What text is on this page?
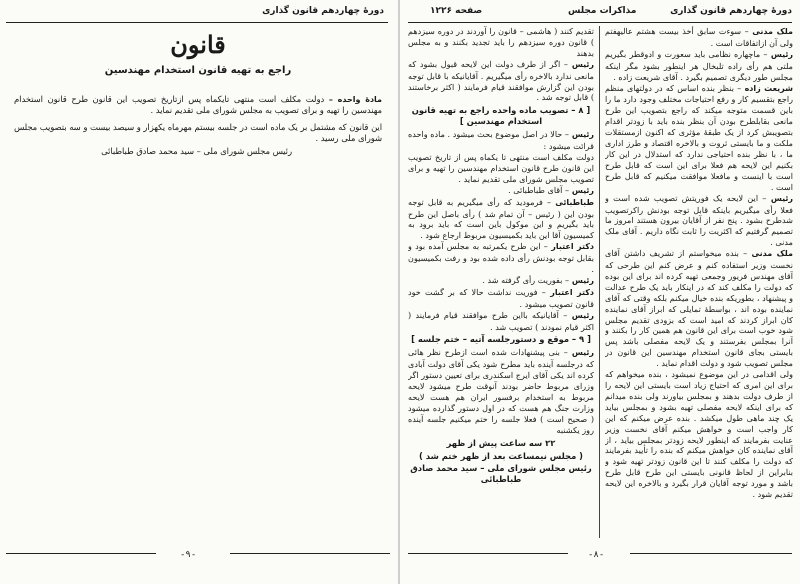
دورهٔ چهاردهم قانون گذاری
قانون
راجع به تهیه قانون استخدام مهندسین

مادهٔ واحده – دولت مکلف است منتهی تایکماه پس ازتاریخ تصویب این قانون طرح قانون استخدام مهندسین را تهیه و برای تصویب به مجلس شورای ملی تقدیم نماید .

این قانون که مشتمل بر یک ماده است در جلسه بیستم مهرماه یکهزار و سیصد بیست و سه بتصویب مجلس شورای ملی رسید .

رئیس مجلس شورای ملی – سید محمد صادق طباطبائی

-۹-
دورهٔ چهاردهم قانون گذاری
مذاکرات مجلس
صفحه ۱۲۲۶

ملک مدنی – سوءت سابق أخذ بیست هشتم عالیهفتم ولی آن ازاتفاقات است .

رئیس – ماچهاره نظامی باید سعورت و ادوقطر بگیریم ملتی هم رأی راده تلبخال هر اینطور بشود مگر اینکه مجلس طور دیگری تصمیم بگیرد . آقای شریعت زاده .

شریعت زاده – بنظر بنده اساس که در دولتهای منظم راجع بتقسیم کار و رفع احتیاجات مختلف وجود دارد ما را باین قسمت متوجه میکند که راجع بتصویب این طرح مانعی بقابلطرح بودن آن بنظر بنده باید با زودتر اقدام بتصویبش کرد از یک طبقهٔ مؤثری که اکنون ازمستقلات ملکت و ما بایستی ثروت و بالاخره اقتصاد و طرز اداری ما ، با نظر بنده احتیاجی ندارد که استدلال در این کار بکنیم این لایحه هم فعلا برای این است که قابل طرح است با اینست و مافعلا موافقت میکنیم که قابل طرح است .

رئیس – این لایحه یک فوریتش تصویب شده است و فعلا رأی میگیریم باینکه قابل توجه بودنش راکرتصویب شدطرح بشود . پنج نفر از آقایان بیرون هستند امروز ما تصمیم گرفتیم که اکثریت را ثابت نگاه داریم . آقای ملک مدنی .

ملک مدنی – بنده میخواستم از تشریف داشتن آقای نخست وزیر استفاده کنم و عرض کنم این طرحی که آقای مهندس فریور وجمعی تهیه کرده اند برای این بوده که دولت را مکلف کند که در اینکار باید یک طرح عدالت و پیشنهاد ، بطوریکه بنده خیال میکنم بلکه وقتی که آقای نماینده بوده اند ، بواسطهٔ تمایلی که ابراز آقای نماینده کان ابراز کردند که امید است که بزودی تقدیم مجلس شود خوب است برای این قانون هم همین کار را بکنند و آنرا بمجلس بفرستند و یک لایحه مفصلی باشد پس بایستی بجای قانون استخدام مهندسین این قانون در مجلس تصویب شود و دولت اقدام نماید .

ولی اقدامی در این موضوع نمیشود ، بنده میخواهم که برای این امری که احتیاج زیاد است بایستی این لایحه را از طرف دولت بدهند و بمجلس بیاورند ولی بنده میدانم که برای اینکه لایحه مفصلی تهیه بشود و بمجلس بیاید یک چند ماهی طول میکشد . بنده عرض میکنم که این کار واجب است و خواهش میکنم آقای نخست وزیر عنایت بفرمایند که اینطور لایحه زودتر بمجلس بیاید ، از آقای نماینده کان خواهش میکنم که بنده را تأیید بفرمایند که دولت را مکلف کنند تا این قانون زودتر تهیه شود و بنابراین از لحاظ قانونی بایستی این طرح قابل طرح باشد و مورد توجه آقایان قرار بگیرد و بالاخره این لایحه تقدیم شود .

تقدیم کنند ( هاشمی – قانون را آوردند در دوره سیزدهم ) قانون دوره سیزدهم را باید تجدید بکنند و به مجلس بدهند

رئیس – اگر از طرف دولت این لایحه قبول بشود که مانعی ندارد بالاخره رأی میگیریم . آقایانیکه با قابل توجه بودن این گزارش موافقند قیام فرمایند ( اکثر برخاستند ) قابل توجه شد .

[ ۸ – تصویب ماده واحده راجع به تهیه قانون استخدام مهندسین ]

رئیس – حالا در اصل موضوع بحث میشود . ماده واحده قرائت میشود :

دولت مکلف است منتهی تا یکماه پس از تاریخ تصویب این قانون طرح قانون استخدام مهندسین را تهیه و برای تصویب مجلس شورای ملی تقدیم نماید .

رئیس – آقای طباطبائی .

طباطبائی – فرمودید که رأی میگیریم به قابل توجه بودن این ( رئیس – آن تمام شد ) رأی باصل این طرح باید بگیریم و این موکول باین است که باید برود به کمیسیون آقا این باید بکمیسیون مربوط ارجاع شود .

دکتر اعتبار – این طرح یکمرتبه به مجلس آمده بود و بقابل توجه بودنش رأی داده شده بود و رفت بکمیسیون .

رئیس – بفوریت رأی گرفته شد .

دکتر اعتبار – فوریت نداشت حالا که بر گشت خود قانون تصویب میشود .

رئیس – آقایانیکه بااین طرح موافقند قیام فرمایند ( اکثر قیام نمودند ) تصویب شد .

[ ۹ – موقع و دستورجلسه آتیه – ختم جلسه ]

رئیس – بنی پیشنهادات شده است ازطرح نظر هائی که درجلسه آینده باید مطرح شود یکی آقای دولت آبادی کرده اند یکی آقای ایرج اسکندری برای تعیین دستور اگر وزرای مربوط حاضر بودند آنوقت طرح میشود لایحه مربوط به استخدام برفسور ایران هم هست لایحه وزارت جنگ هم هست که در اول دستور گذارده میشود ( صحیح است ) فعلا جلسه را ختم میکنیم جلسه آینده روز یکشنبه

۲۲ سه ساعت پیش از ظهر

( مجلس نیمساعت بعد از ظهر ختم شد )

رئیس مجلس شورای ملی – سید محمد صادق طباطبائی

-۸-
